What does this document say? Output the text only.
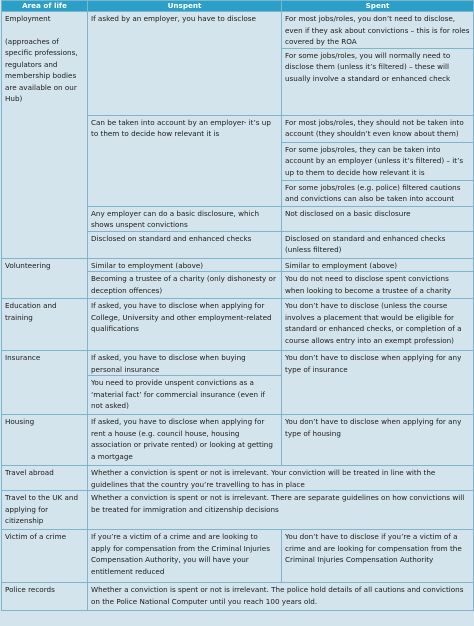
Area of life	Unspent	Spent
Employment
(approaches of specific professions, regulators and membership bodies are available on our Hub)	If asked by an employer, you have to disclose	For most jobs/roles, you don’t need to disclose, even if they ask about convictions – this is for roles covered by the ROA
		For some jobs/roles, you will normally need to disclose them (unless it’s filtered) – these will usually involve a standard or enhanced check
	Can be taken into account by an employer- it’s up to them to decide how relevant it is	For most jobs/roles, they should not be taken into account (they shouldn’t even know about them)
		For some jobs/roles, they can be taken into account by an employer (unless it’s filtered) – it’s up to them to decide how relevant it is
		For some jobs/roles (e.g. police) filtered cautions and convictions can also be taken into account
	Any employer can do a basic disclosure, which shows unspent convictions	Not disclosed on a basic disclosure
	Disclosed on standard and enhanced checks	Disclosed on standard and enhanced checks (unless filtered)
Volunteering	Similar to employment (above)	Similar to employment (above)
	Becoming a trustee of a charity (only dishonesty or deception offences)	You do not need to disclose spent convictions when looking to become a trustee of a charity
Education and training	If asked, you have to disclose when applying for College, University and other employment-related qualifications	You don’t have to disclose (unless the course involves a placement that would be eligible for standard or enhanced checks, or completion of a course allows entry into an exempt profession)
Insurance	If asked, you have to disclose when buying personal insurance	You don’t have to disclose when applying for any type of insurance
	You need to provide unspent convictions as a ‘material fact’ for commercial insurance (even if not asked)	
Housing	If asked, you have to disclose when applying for rent a house (e.g. council house, housing association or private rented) or looking at getting a mortgage	You don’t have to disclose when applying for any type of housing
Travel abroad	Whether a conviction is spent or not is irrelevant. Your conviction will be treated in line with the guidelines that the country you’re travelling to has in place	
Travel to the UK and applying for citizenship	Whether a conviction is spent or not is irrelevant. There are separate guidelines on how convictions will be treated for immigration and citizenship decisions	
Victim of a crime	If you’re a victim of a crime and are looking to apply for compensation from the Criminal Injuries Compensation Authority, you will have your entitlement reduced	You don’t have to disclose if you’re a victim of a crime and are looking for compensation from the Criminal Injuries Compensation Authority
Police records	Whether a conviction is spent or not is irrelevant. The police hold details of all cautions and convictions on the Police National Computer until you reach 100 years old.	
